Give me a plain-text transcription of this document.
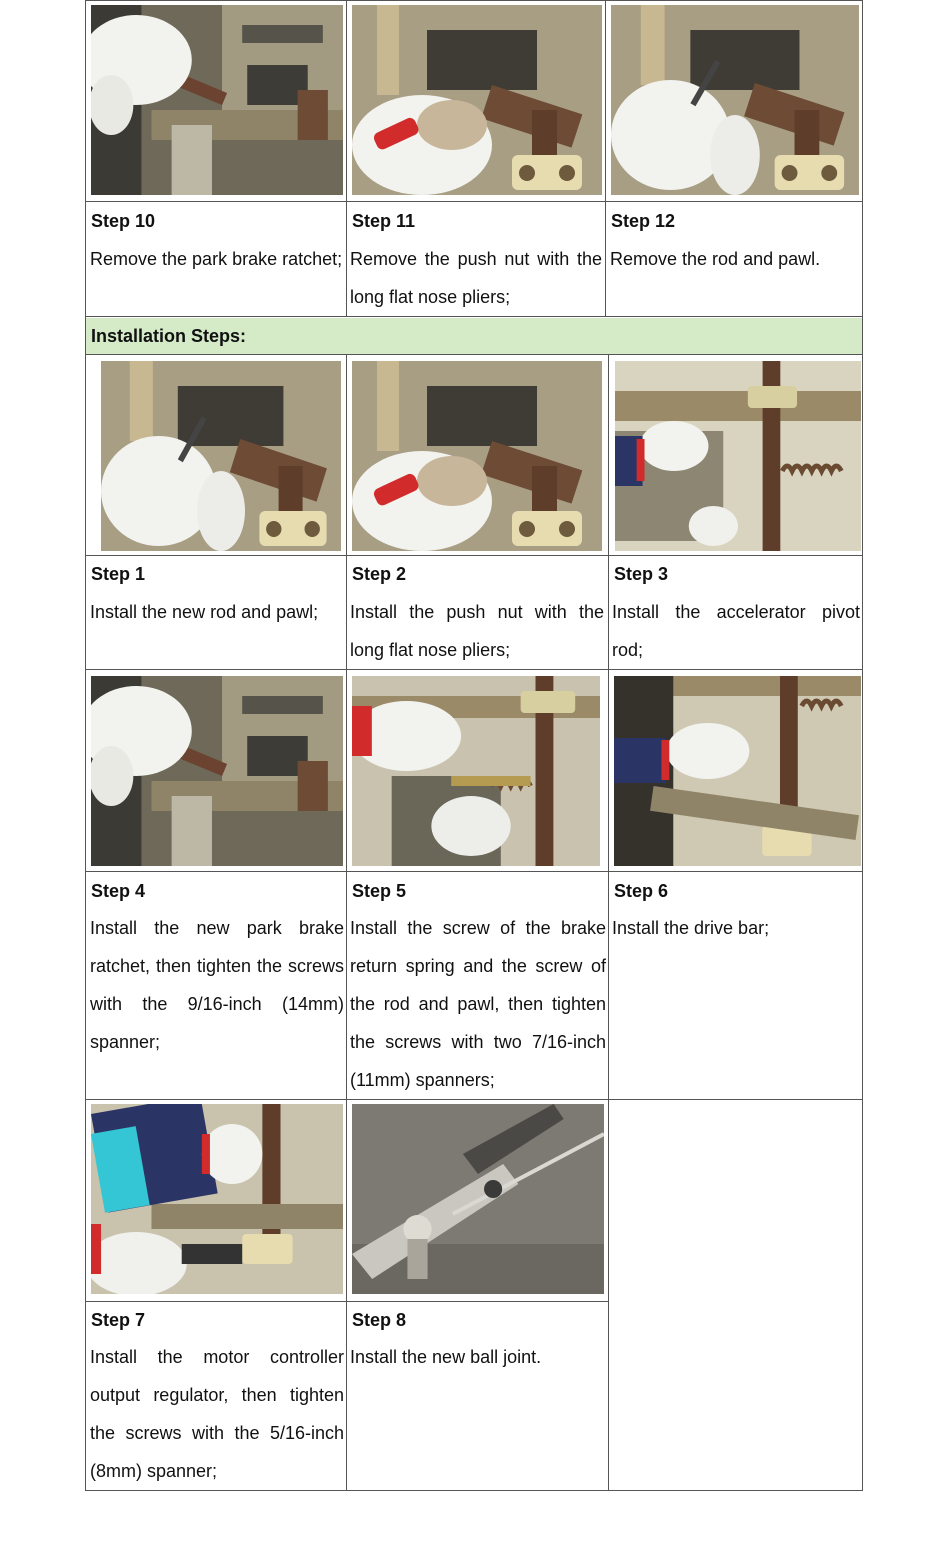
Step 10
Remove the park brake ratchet;
Step 11
Remove the push nut with the long flat nose pliers;
Step 12
Remove the rod and pawl.
Installation Steps:
Step 1
Install the new rod and pawl;
Step 2
Install the push nut with the long flat nose pliers;
Step 3
Install the accelerator pivot rod;
Step 4
Install the new park brake ratchet, then tighten the screws with the 9/16-inch (14mm) spanner;
Step 5
Install the screw of the brake return spring and the screw of the rod and pawl, then tighten the screws with two 7/16-inch (11mm) spanners;
Step 6
Install the drive bar;
Step 7
Install the motor controller output regulator, then tighten the screws with the 5/16-inch (8mm) spanner;
Step 8
Install the new ball joint.
